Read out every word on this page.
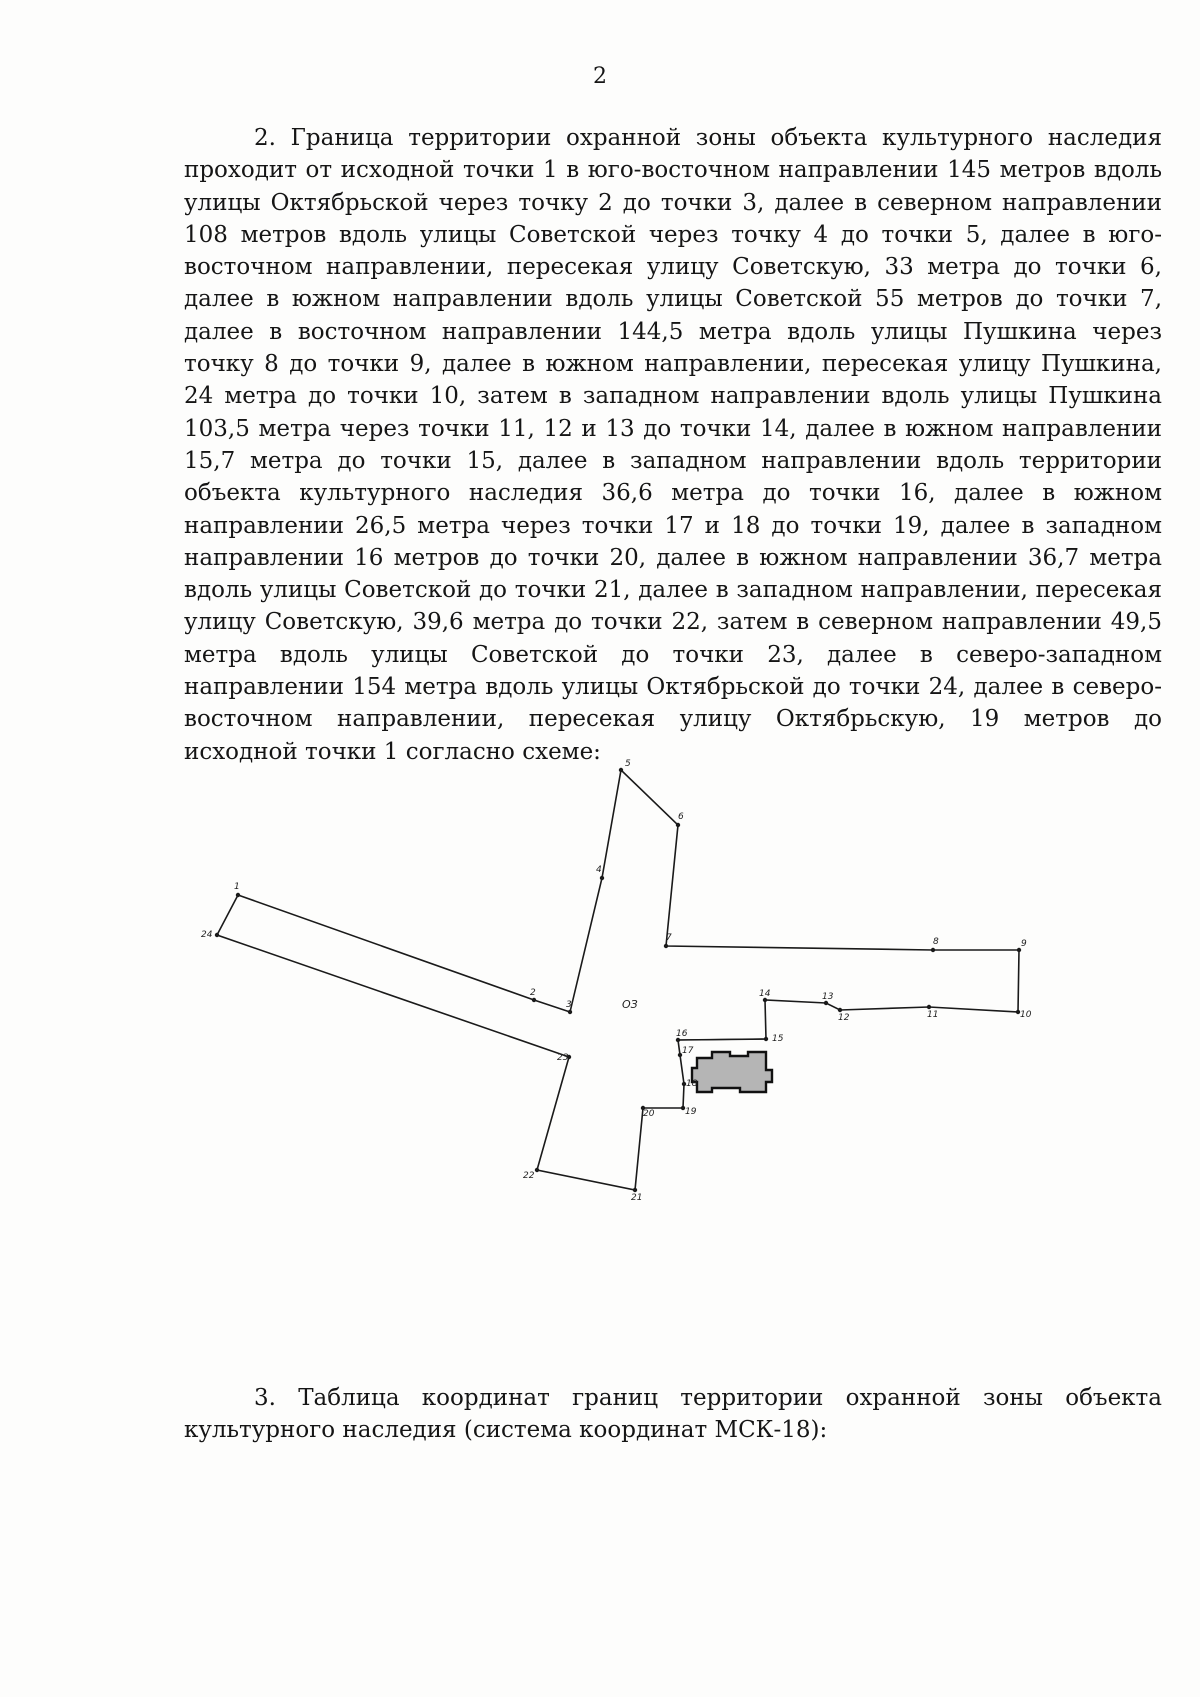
2

2. Граница территории охранной зоны объекта культурного наследия проходит от исходной точки 1 в юго-восточном направлении 145 метров вдоль улицы Октябрьской через точку 2 до точки 3, далее в северном направлении 108 метров вдоль улицы Советской через точку 4 до точки 5, далее в юго-восточном направлении, пересекая улицу Советскую, 33 метра до точки 6, далее в южном направлении вдоль улицы Советской 55 метров до точки 7, далее в восточном направлении 144,5 метра вдоль улицы Пушкина через точку 8 до точки 9, далее в южном направлении, пересекая улицу Пушкина, 24 метра до точки 10, затем в западном направлении вдоль улицы Пушкина 103,5 метра через точки 11, 12 и 13 до точки 14, далее в южном направлении 15,7 метра до точки 15, далее в западном направлении вдоль территории объекта культурного наследия 36,6 метра до точки 16, далее в южном направлении 26,5 метра через точки 17 и 18 до точки 19, далее в западном направлении 16 метров до точки 20, далее в южном направлении 36,7 метра вдоль улицы Советской до точки 21, далее в западном направлении, пересекая улицу Советскую, 39,6 метра до точки 22, затем в северном направлении 49,5 метра вдоль улицы Советской до точки 23, далее в северо-западном направлении 154 метра вдоль улицы Октябрьской до точки 24, далее в северо-восточном направлении, пересекая улицу Октябрьскую, 19 метров до исходной точки 1 согласно схеме:

ОЗ
1
2
3
4
5
6
7	8	9
10
11
12
13
14
15
16
17
18
19
20
21
22
23
24

3. Таблица координат границ территории охранной зоны объекта культурного наследия (система координат МСК-18):
